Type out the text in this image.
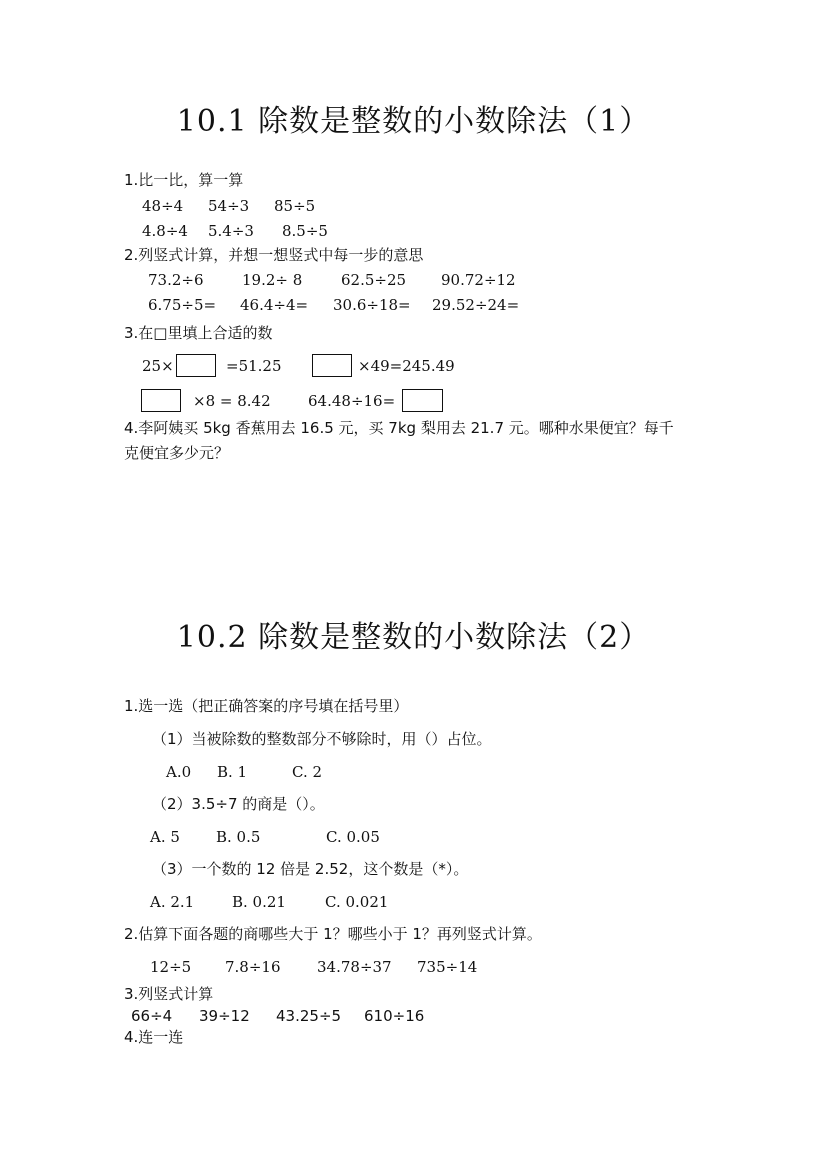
10.1 除数是整数的小数除法（1）
1.比一比，算一算
48÷4 54÷3 85÷5
4.8÷4 5.4÷3 8.5÷5
2.列竖式计算，并想一想竖式中每一步的意思
73.2÷6	19.2÷ 8	62.5÷25 90.72÷12
6.75÷5= 46.4÷4= 30.6÷18= 29.52÷24=
3.在□里填上合适的数
25×	=51.25	×49=245.49
×8 = 8.42 64.48÷16=
4.李阿姨买 5kg 香蕉用去 16.5 元，买 7kg 梨用去 21.7 元。哪种水果便宜？每千
克便宜多少元？
10.2 除数是整数的小数除法（2）
1.选一选（把正确答案的序号填在括号里）
（1）当被除数的整数部分不够除时，用（）占位。
A.0 B. 1	C. 2
（2）3.5÷7 的商是（）。
A. 5 B. 0.5	C. 0.05
（3）一个数的 12 倍是 2.52，这个数是（*）。
A. 2.1	B. 0.21	C. 0.021
2.估算下面各题的商哪些大于 1？哪些小于 1？再列竖式计算。
12÷5 7.8÷16 34.78÷37 735÷14
3.列竖式计算
66÷4 39÷12 43.25÷5 610÷16
4.连一连
